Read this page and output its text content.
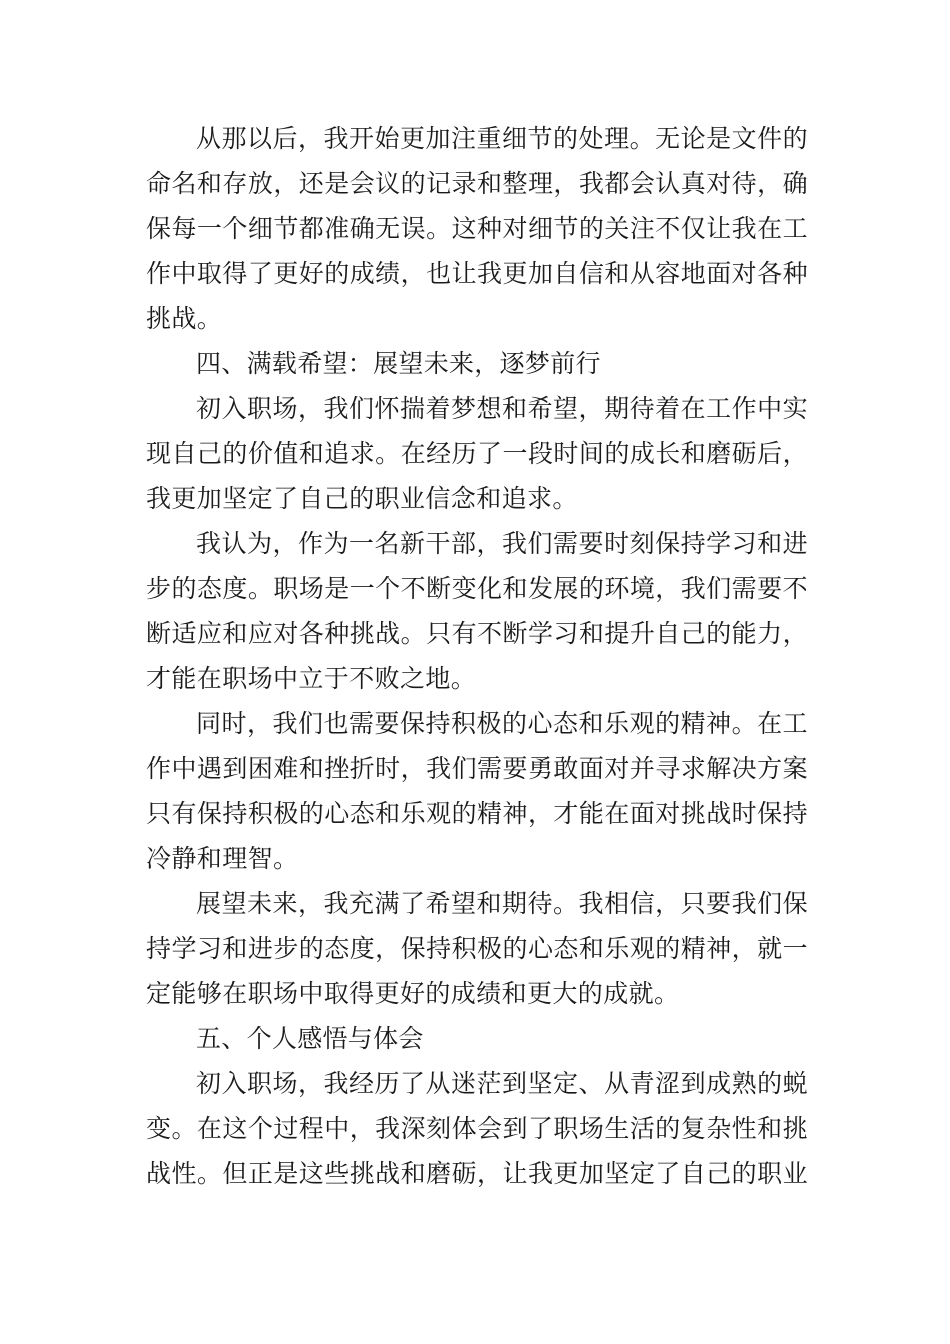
从那以后，我开始更加注重细节的处理。无论是文件的
命名和存放，还是会议的记录和整理，我都会认真对待，确
保每一个细节都准确无误。这种对细节的关注不仅让我在工
作中取得了更好的成绩，也让我更加自信和从容地面对各种
挑战。
四、满载希望：展望未来，逐梦前行
初入职场，我们怀揣着梦想和希望，期待着在工作中实
现自己的价值和追求。在经历了一段时间的成长和磨砺后，
我更加坚定了自己的职业信念和追求。
我认为，作为一名新干部，我们需要时刻保持学习和进
步的态度。职场是一个不断变化和发展的环境，我们需要不
断适应和应对各种挑战。只有不断学习和提升自己的能力，
才能在职场中立于不败之地。
同时，我们也需要保持积极的心态和乐观的精神。在工
作中遇到困难和挫折时，我们需要勇敢面对并寻求解决方案
只有保持积极的心态和乐观的精神，才能在面对挑战时保持
冷静和理智。
展望未来，我充满了希望和期待。我相信，只要我们保
持学习和进步的态度，保持积极的心态和乐观的精神，就一
定能够在职场中取得更好的成绩和更大的成就。
五、个人感悟与体会
初入职场，我经历了从迷茫到坚定、从青涩到成熟的蜕
变。在这个过程中，我深刻体会到了职场生活的复杂性和挑
战性。但正是这些挑战和磨砺，让我更加坚定了自己的职业
